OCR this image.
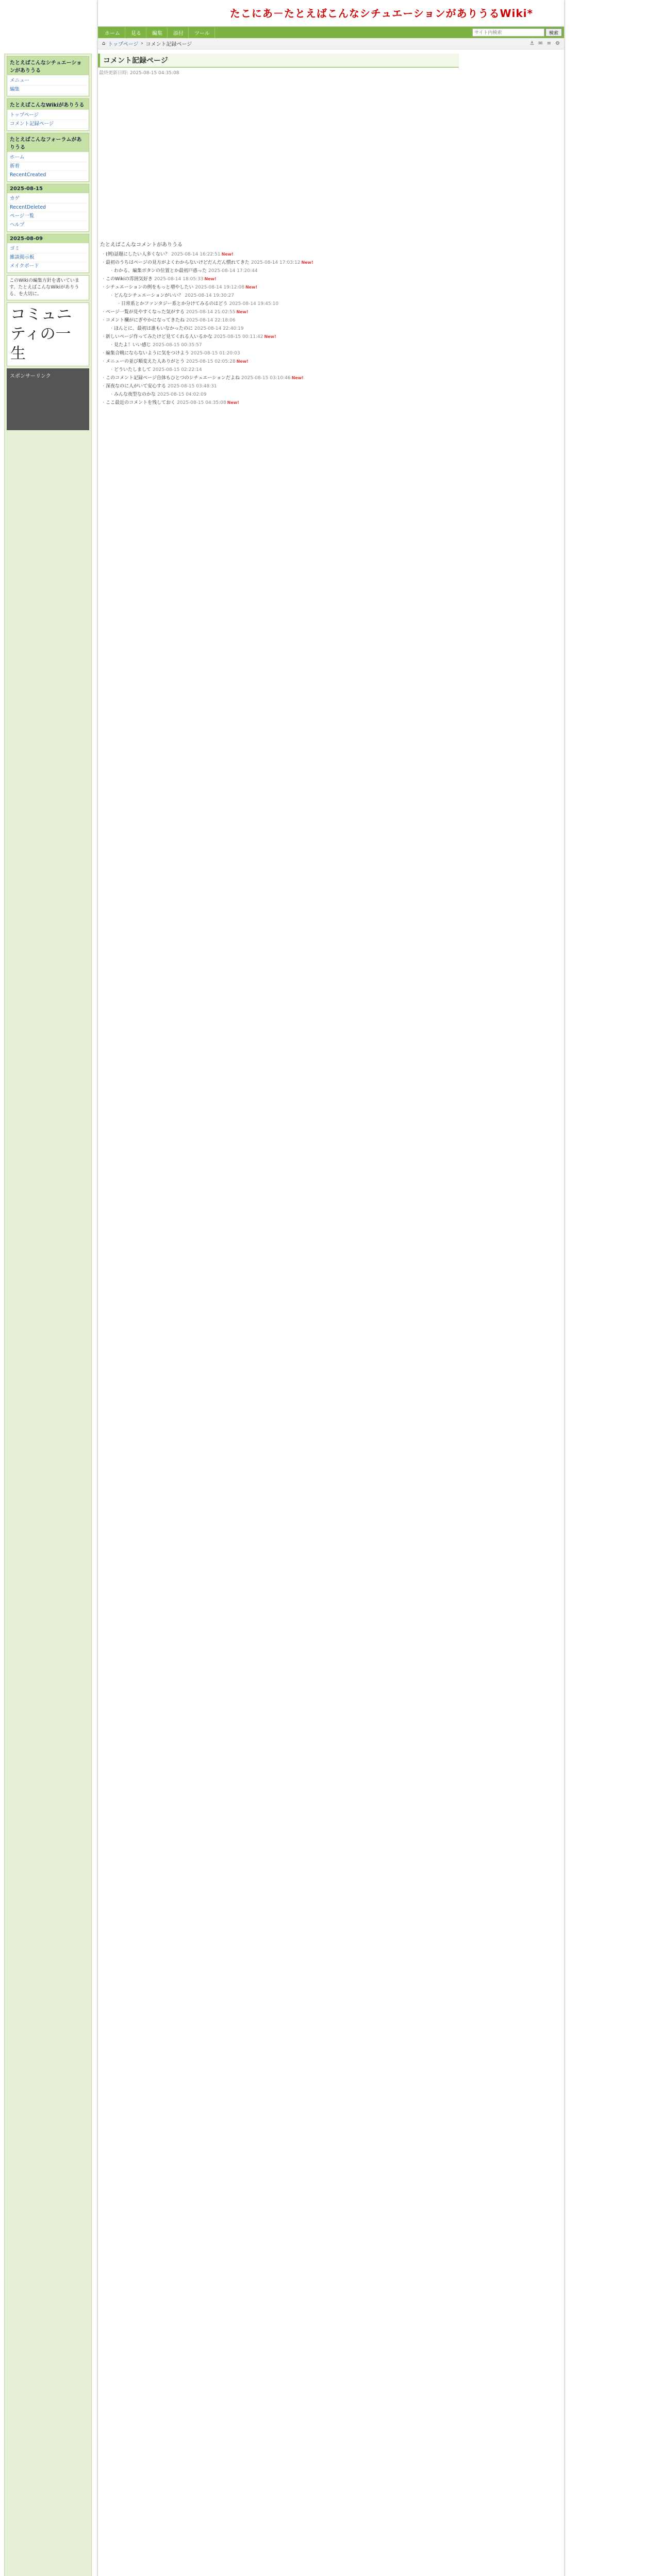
たこにあ－たとえばこんなシチュエーションがありうるWiki*
ホーム	見る	編集	添付	ツール
サイト内検索	検索
⌂ トップページ › コメント記録ページ	⚓ ✉ ≡ ⚙
たとえばこんなシチュエーションがありうる
メニュー
編集
たとえばこんなWikiがありうる
トップページ
コメント記録ページ
たとえばこんなフォーラムがありうる
ホーム
新着
RecentCreated
2025-08-15
カゲ
RecentDeleted
ページ一覧
ヘルプ
2025-08-09
ゴミ
雑談掲示板
メイクボード
このWikiの編集方針を書いています。たとえばこんなWikiがありうる、を大切に。
コミュニティの一生
スポンサーリンク
コメント記録ページ
最終更新日時: 2025-08-15 04:35:08
たとえばこんなコメントがありうる
・ (例)話題にしたい人多くない？ 2025-08-14 16:22:51 New!
・ 最初のうちはページの見方がよくわからないけどだんだん慣れてきた 2025-08-14 17:03:12 New!
・ わかる、編集ボタンの位置とか最初戸惑った 2025-08-14 17:20:44
・ このWikiの雰囲気好き 2025-08-14 18:05:33 New!
・ シチュエーションの例をもっと増やしたい 2025-08-14 19:12:08 New!
・ どんなシチュエーションがいい？ 2025-08-14 19:30:27
・ 日常系とかファンタジー系とか分けてみるのはどう 2025-08-14 19:45:10
・ ページ一覧が見やすくなった気がする 2025-08-14 21:02:55 New!
・ コメント欄がにぎやかになってきたね 2025-08-14 22:18:06
・ ほんとに、最初は誰もいなかったのに 2025-08-14 22:40:19
・ 新しいページ作ってみたけど見てくれる人いるかな 2025-08-15 00:11:42 New!
・ 見たよ！いい感じ 2025-08-15 00:35:57
・ 編集合戦にならないように気をつけよう 2025-08-15 01:20:03
・ メニューの並び順変えた人ありがとう 2025-08-15 02:05:28 New!
・ どういたしまして 2025-08-15 02:22:14
・ このコメント記録ページ自体もひとつのシチュエーションだよね 2025-08-15 03:10:46 New!
・ 深夜なのに人がいて安心する 2025-08-15 03:48:31
・ みんな夜型なのかな 2025-08-15 04:02:09
・ ここ最近のコメントを残しておく 2025-08-15 04:35:08 New!
